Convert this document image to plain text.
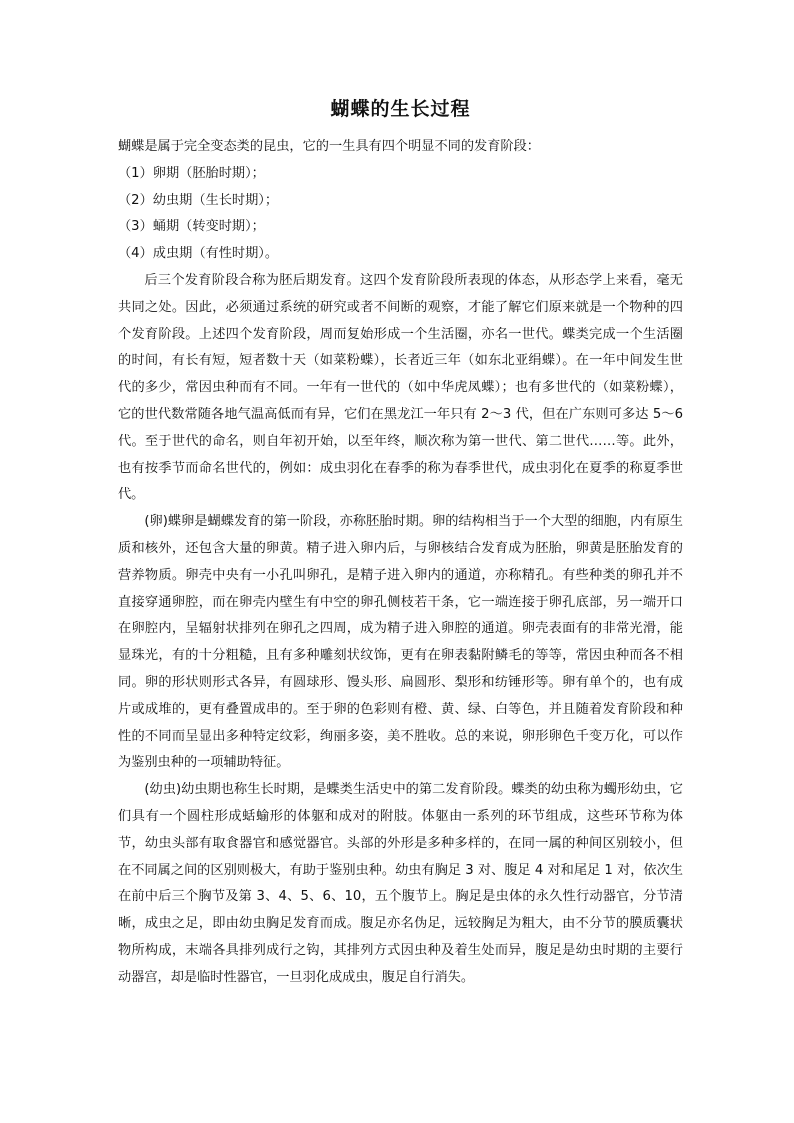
蝴蝶的生长过程

蝴蝶是属于完全变态类的昆虫，它的一生具有四个明显不同的发育阶段：

（1）卵期（胚胎时期）；

（2）幼虫期（生长时期）；

（3）蛹期（转变时期）；

（4）成虫期（有性时期）。

后三个发育阶段合称为胚后期发育。这四个发育阶段所表现的体态，从形态学上来看，毫无共同之处。因此，必须通过系统的研究或者不间断的观察，才能了解它们原来就是一个物种的四个发育阶段。上述四个发育阶段，周而复始形成一个生活圈，亦名一世代。蝶类完成一个生活圈的时间，有长有短，短者数十天（如菜粉蝶），长者近三年（如东北亚绢蝶）。在一年中间发生世代的多少，常因虫种而有不同。一年有一世代的（如中华虎凤蝶）；也有多世代的（如菜粉蝶），它的世代数常随各地气温高低而有异，它们在黑龙江一年只有 2～3 代，但在广东则可多达 5～6 代。至于世代的命名，则自年初开始，以至年终，顺次称为第一世代、第二世代……等。此外，也有按季节而命名世代的，例如：成虫羽化在春季的称为春季世代，成虫羽化在夏季的称夏季世代。

(卵)蝶卵是蝴蝶发育的第一阶段，亦称胚胎时期。卵的结构相当于一个大型的细胞，内有原生质和核外，还包含大量的卵黄。精子进入卵内后，与卵核结合发育成为胚胎，卵黄是胚胎发育的营养物质。卵壳中央有一小孔叫卵孔，是精子进入卵内的通道，亦称精孔。有些种类的卵孔并不直接穿通卵腔，而在卵壳内壁生有中空的卵孔侧枝若干条，它一端连接于卵孔底部，另一端开口在卵腔内，呈辐射状排列在卵孔之四周，成为精子进入卵腔的通道。卵壳表面有的非常光滑，能显珠光，有的十分粗糙，且有多种雕刻状纹饰，更有在卵表黏附鳞毛的等等，常因虫种而各不相同。卵的形状则形式各异，有圆球形、馒头形、扁圆形、梨形和纺锤形等。卵有单个的，也有成片或成堆的，更有叠置成串的。至于卵的色彩则有橙、黄、绿、白等色，并且随着发育阶段和种性的不同而呈显出多种特定纹彩，绚丽多姿，美不胜收。总的来说，卵形卵色千变万化，可以作为鉴别虫种的一项辅助特征。

(幼虫)幼虫期也称生长时期，是蝶类生活史中的第二发育阶段。蝶类的幼虫称为蠋形幼虫，它们具有一个圆柱形成蛞蝓形的体躯和成对的附肢。体躯由一系列的环节组成，这些环节称为体节，幼虫头部有取食器官和感觉器官。头部的外形是多种多样的，在同一属的种间区别较小，但在不同属之间的区别则极大，有助于鉴别虫种。幼虫有胸足 3 对、腹足 4 对和尾足 1 对，依次生在前中后三个胸节及第 3、4、5、6、10，五个腹节上。胸足是虫体的永久性行动器官，分节清晰，成虫之足，即由幼虫胸足发育而成。腹足亦名伪足，远较胸足为粗大，由不分节的膜质囊状物所构成，末端各具排列成行之钩，其排列方式因虫种及着生处而异，腹足是幼虫时期的主要行动器宫，却是临时性器官，一旦羽化成成虫，腹足自行消失。
